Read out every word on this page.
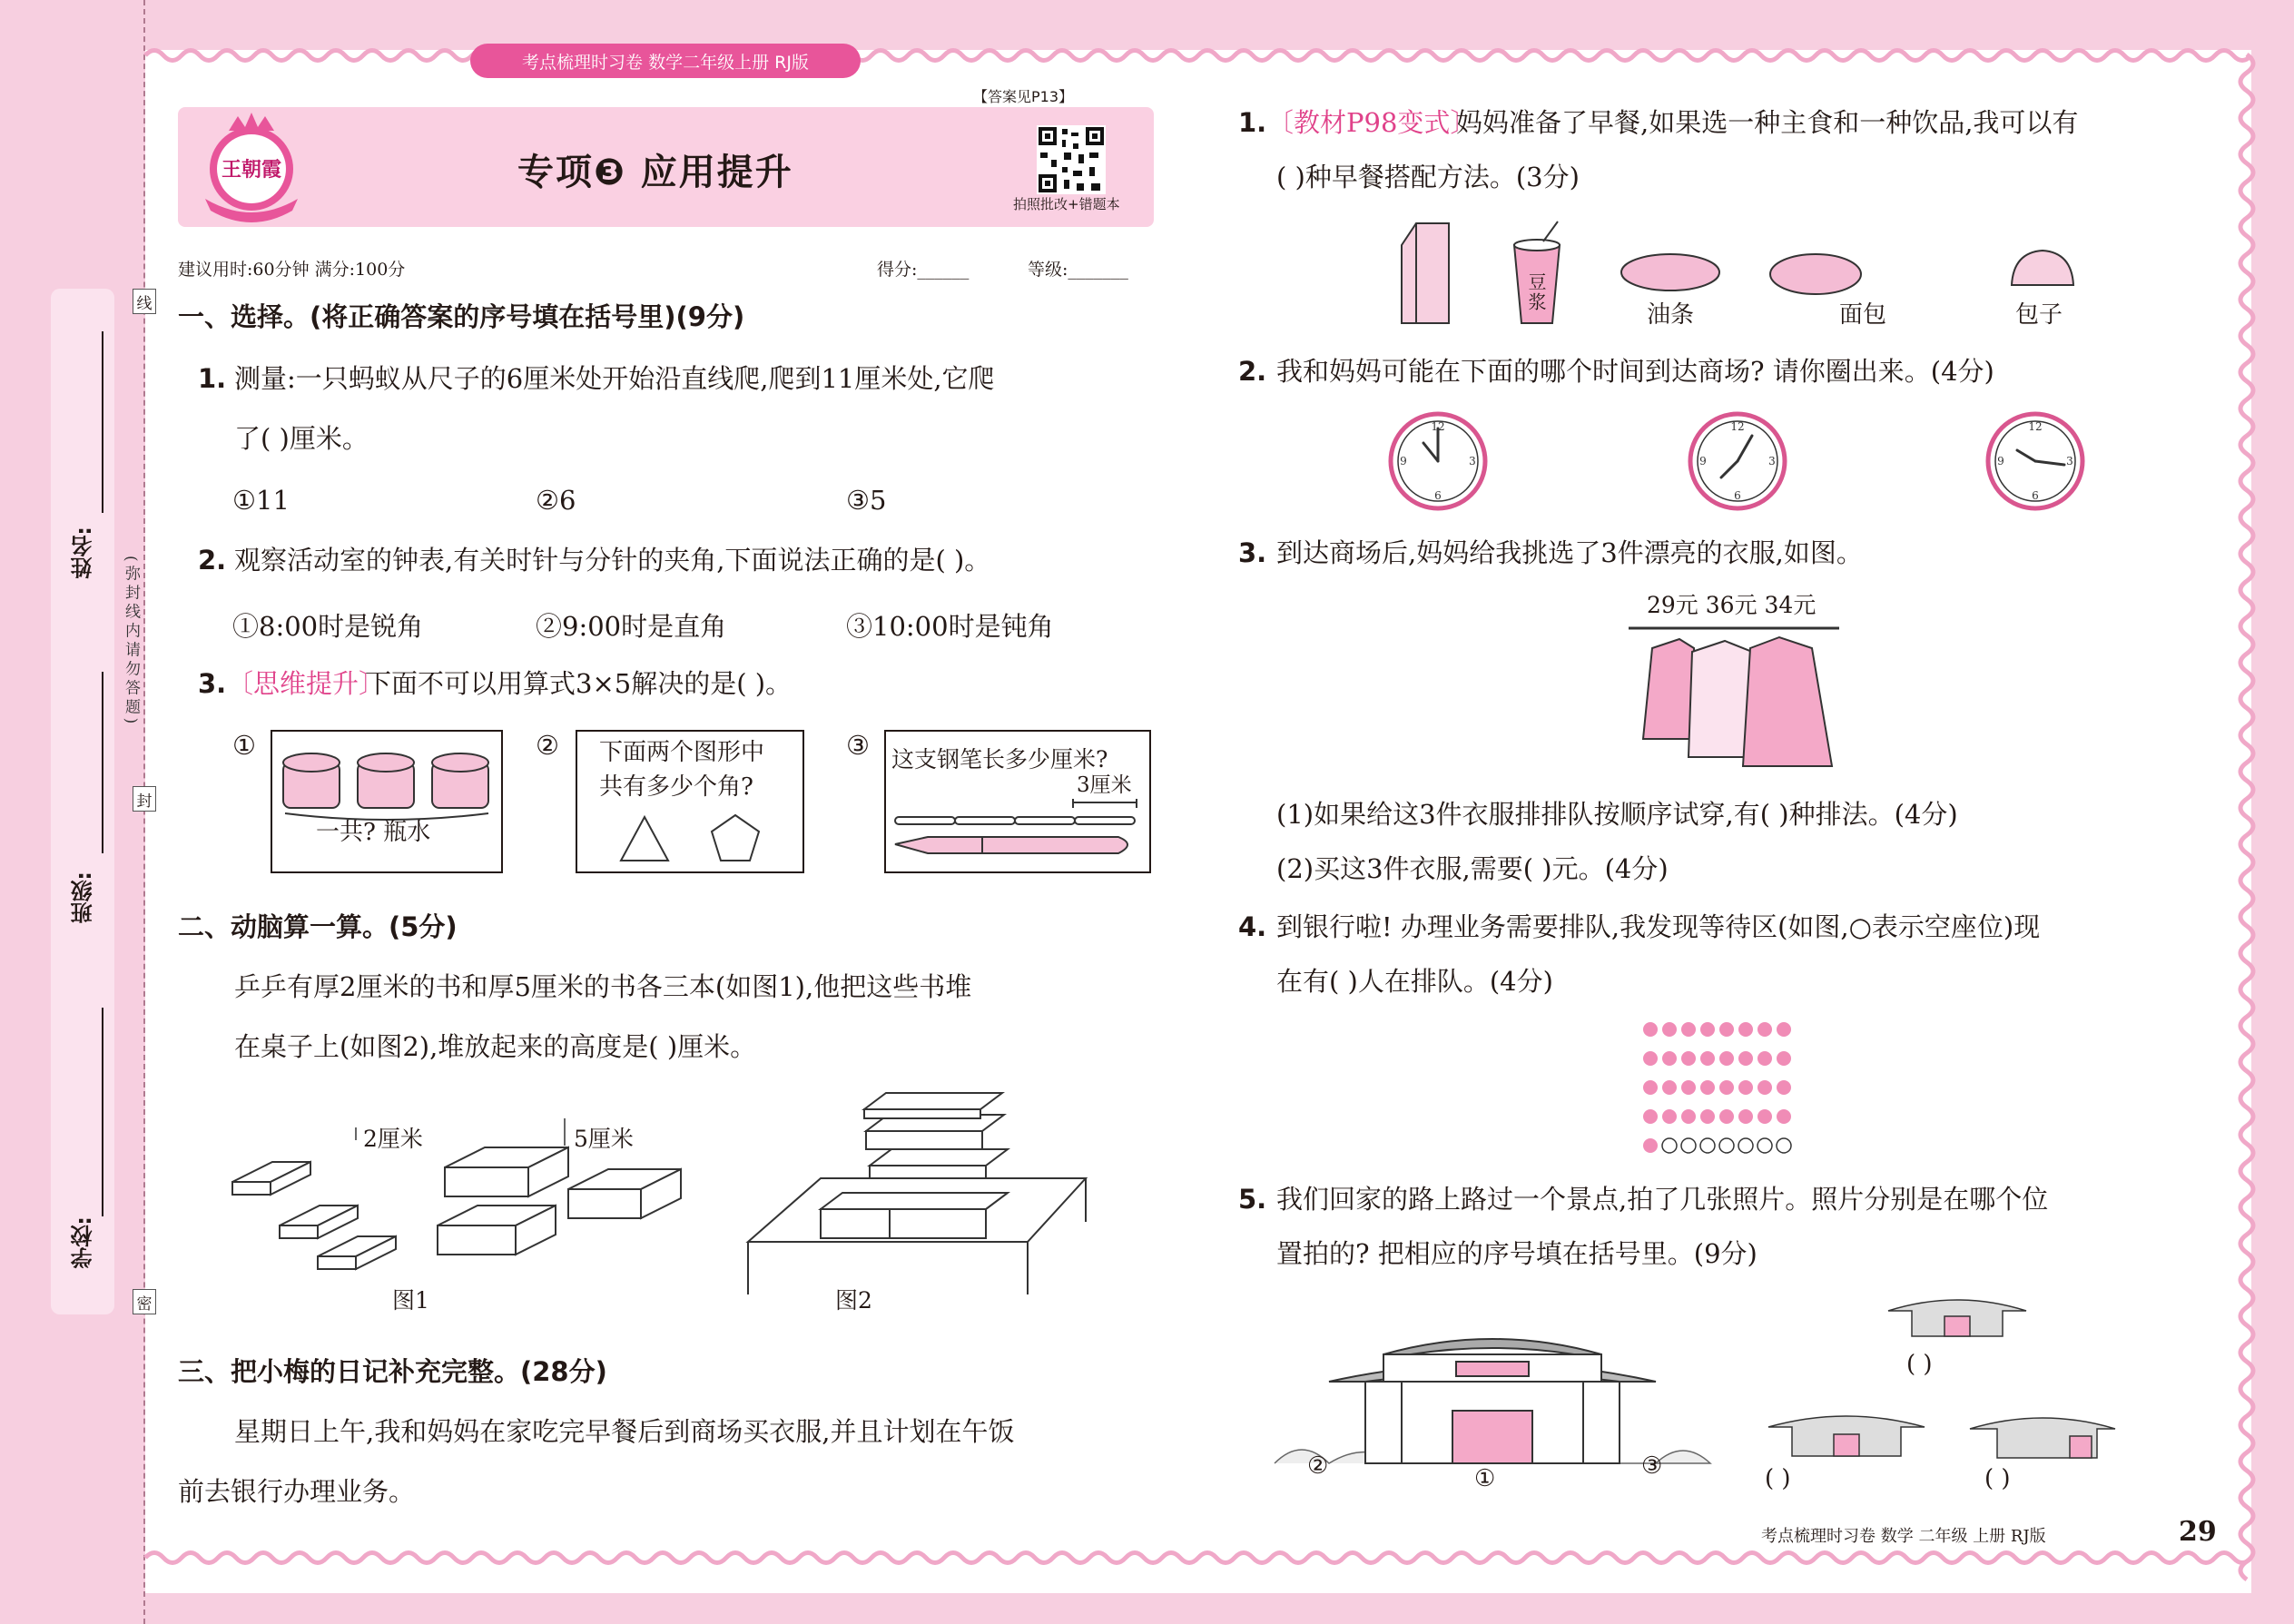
学校:
班级:
姓名:
(弥封线内请勿答题)
线
封
密
考点梳理时习卷 数学二年级上册 RJ版
【答案见P13】
王朝霞	专项❸ 应用提升
拍照批改+错题本
建议用时:60分钟 满分:100分	得分:______	等级:_______
一、选择。(将正确答案的序号填在括号里)(9分)
1. 测量:一只蚂蚁从尺子的6厘米处开始沿直线爬,爬到11厘米处,它爬
了( )厘米。
①11	②6	③5
2. 观察活动室的钟表,有关时针与分针的夹角,下面说法正确的是( )。
①8:00时是锐角	②9:00时是直角	③10:00时是钝角
3. 〔思维提升〕
下面不可以用算式3×5解决的是( )。
①
一共? 瓶水
② 下面两个图形中
共有多少个角?
③ 这支钢笔长多少厘米?
3厘米
二、动脑算一算。(5分)
乒乒有厚2厘米的书和厚5厘米的书各三本(如图1),他把这些书堆
在桌子上(如图2),堆放起来的高度是( )厘米。
2厘米	5厘米
图1	图2
三、把小梅的日记补充完整。(28分)
星期日上午,我和妈妈在家吃完早餐后到商场买衣服,并且计划在午饭
前去银行办理业务。
1. 〔教材P98变式〕
妈妈准备了早餐,如果选一种主食和一种饮品,我可以有
( )种早餐搭配方法。(3分)
豆浆
油条	面包	包子
2. 我和妈妈可能在下面的哪个时间到达商场? 请你圈出来。(4分)
12
3
6
9
12
3
6
9
12
3
6
9
3. 到达商场后,妈妈给我挑选了3件漂亮的衣服,如图。
29元 36元 34元
(1)如果给这3件衣服排排队按顺序试穿,有( )种排法。(4分)
(2)买这3件衣服,需要( )元。(4分)
4. 到银行啦! 办理业务需要排队,我发现等待区(如图,○表示空座位)现
在有( )人在排队。(4分)
5. 我们回家的路上路过一个景点,拍了几张照片。照片分别是在哪个位
置拍的? 把相应的序号填在括号里。(9分)
②	①	③
( )
( )	( )
考点梳理时习卷 数学 二年级 上册 RJ版	29
